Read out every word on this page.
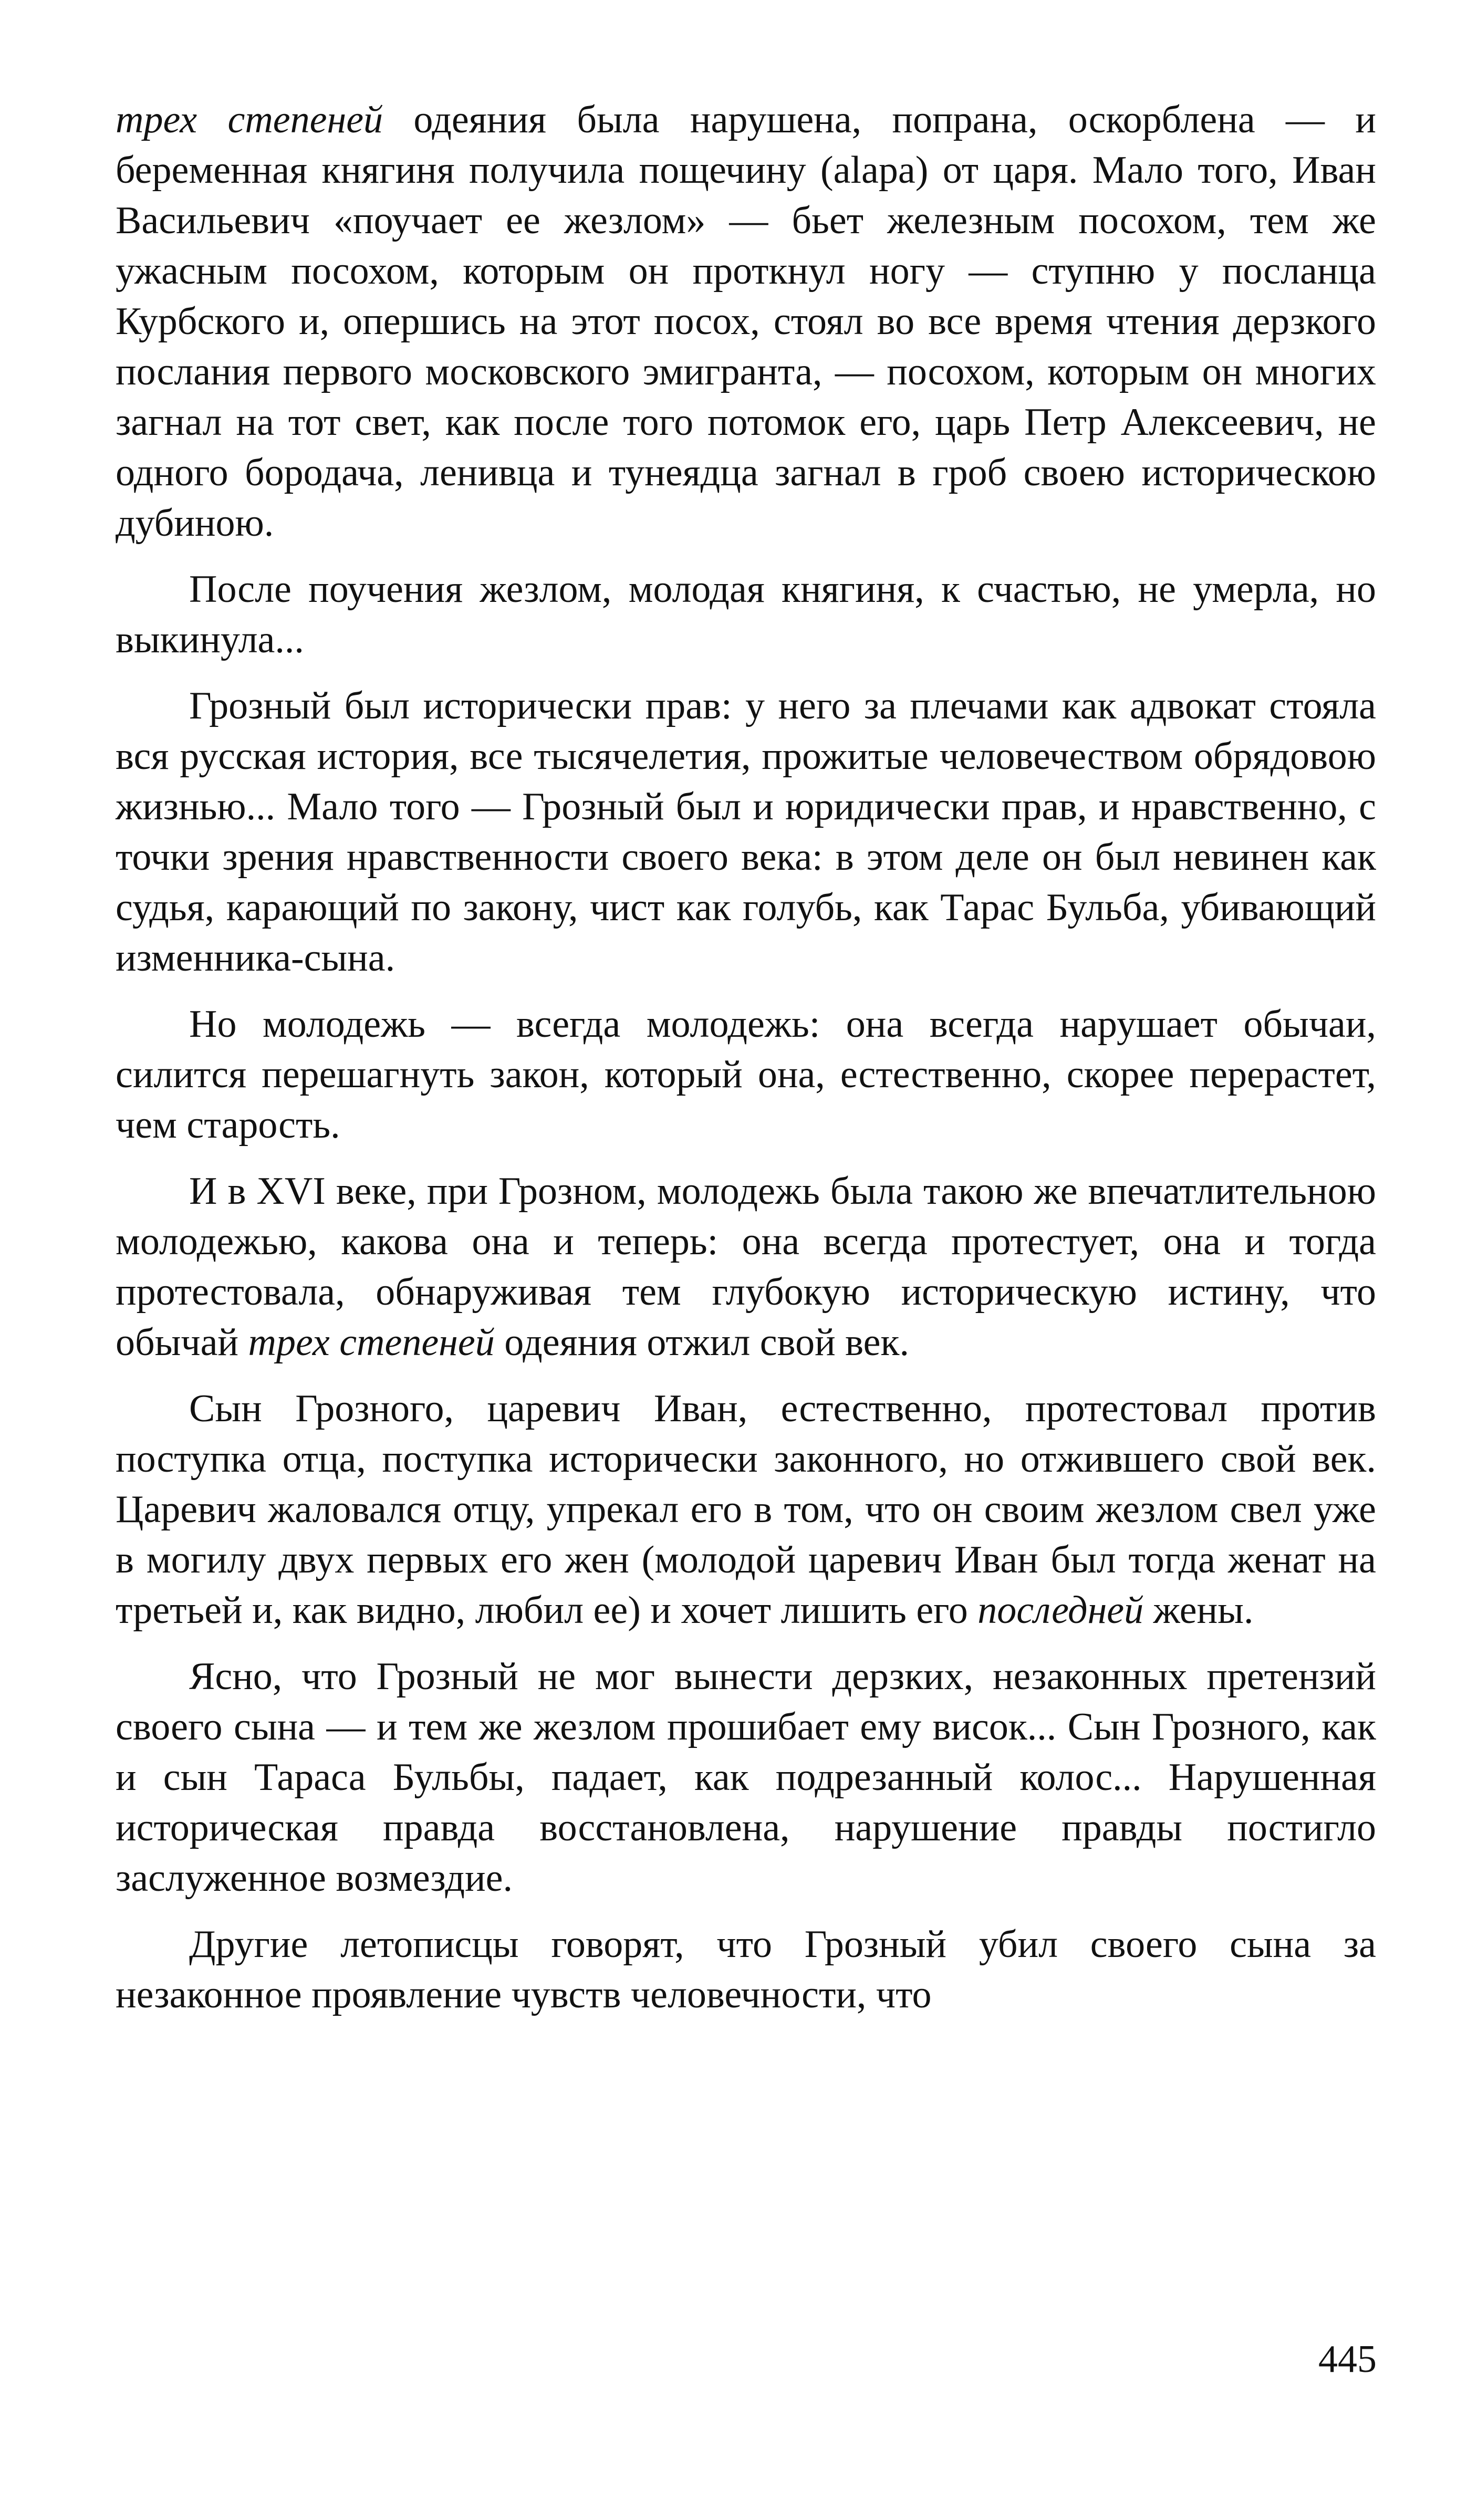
трех степеней одеяния была нарушена, попрана, оскорблена — и беременная княгиня получила пощечину (alapa) от царя. Мало того, Иван Васильевич «поучает ее жезлом» — бьет железным посохом, тем же ужасным посохом, которым он проткнул ногу — ступню у посланца Курбского и, опершись на этот посох, стоял во все время чтения дерзкого послания первого московского эмигранта, — посохом, которым он многих загнал на тот свет, как после того потомок его, царь Петр Алексеевич, не одного бородача, ленивца и тунеядца загнал в гроб своею историческою дубиною.

После поучения жезлом, молодая княгиня, к счастью, не умерла, но выкинула...

Грозный был исторически прав: у него за плечами как адвокат стояла вся русская история, все тысячелетия, прожитые человечеством обрядовою жизнью... Мало того — Грозный был и юридически прав, и нравственно, с точки зрения нравственности своего века: в этом деле он был невинен как судья, карающий по закону, чист как голубь, как Тарас Бульба, убивающий изменника-сына.

Но молодежь — всегда молодежь: она всегда нарушает обычаи, силится перешагнуть закон, который она, естественно, скорее перерастет, чем старость.

И в XVI веке, при Грозном, молодежь была такою же впечатлительною молодежью, какова она и теперь: она всегда протестует, она и тогда протестовала, обнаруживая тем глубокую историческую истину, что обычай трех степеней одеяния отжил свой век.

Сын Грозного, царевич Иван, естественно, протестовал против поступка отца, поступка исторически законного, но отжившего свой век. Царевич жаловался отцу, упрекал его в том, что он своим жезлом свел уже в могилу двух первых его жен (молодой царевич Иван был тогда женат на третьей и, как видно, любил ее) и хочет лишить его последней жены.

Ясно, что Грозный не мог вынести дерзких, незаконных претензий своего сына — и тем же жезлом прошибает ему висок... Сын Грозного, как и сын Тараса Бульбы, падает, как подрезанный колос... Нарушенная историческая правда восстановлена, нарушение правды постигло заслуженное возмездие.

Другие летописцы говорят, что Грозный убил своего сына за незаконное проявление чувств человечности, что

445
